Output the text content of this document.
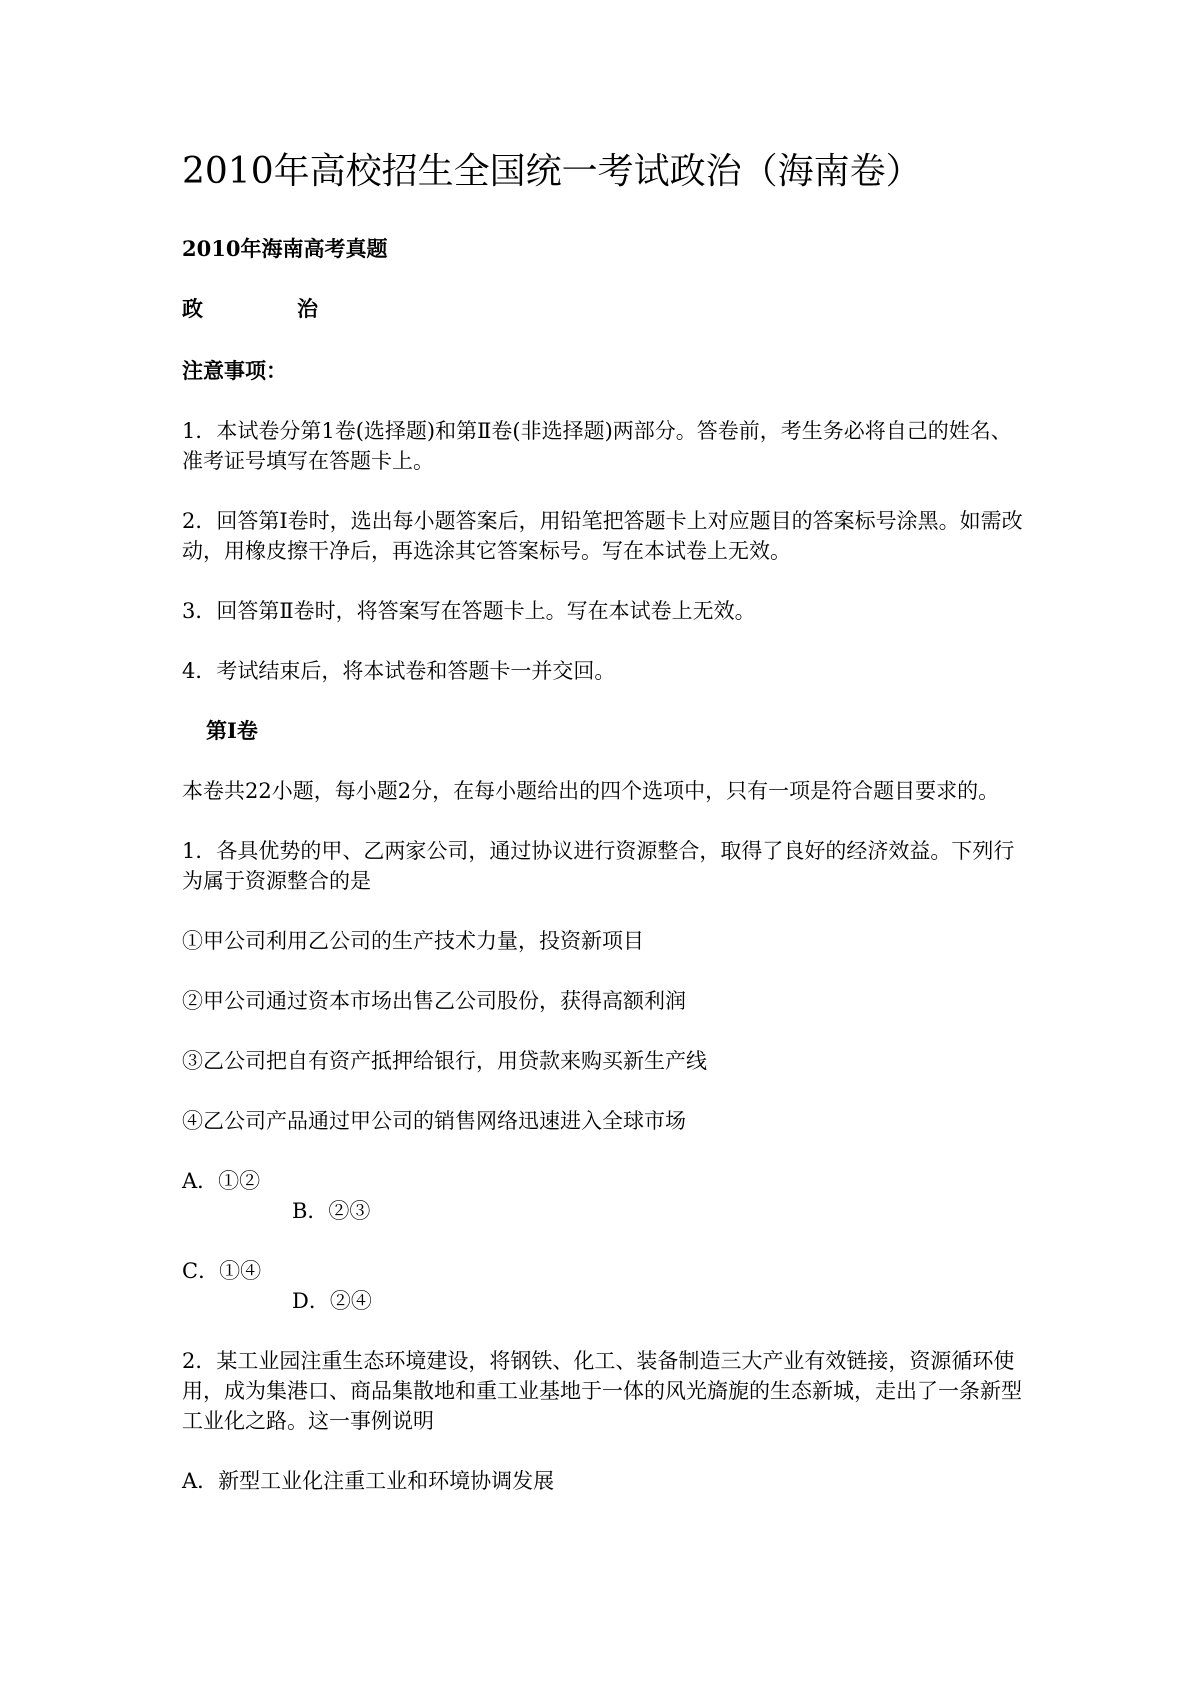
2010年高校招生全国统一考试政治（海南卷）
2010年海南高考真题
政	治
注意事项：

1．本试卷分第1卷(选择题)和第Ⅱ卷(非选择题)两部分。答卷前，考生务必将自己的姓名、准考证号填写在答题卡上。

2．回答第Ⅰ卷时，选出每小题答案后，用铅笔把答题卡上对应题目的答案标号涂黑。如需改动，用橡皮擦干净后，再选涂其它答案标号。写在本试卷上无效。

3．回答第Ⅱ卷时，将答案写在答题卡上。写在本试卷上无效。

4．考试结束后，将本试卷和答题卡一并交回。

第Ⅰ卷

本卷共22小题，每小题2分，在每小题给出的四个选项中，只有一项是符合题目要求的。

1．各具优势的甲、乙两家公司，通过协议进行资源整合，取得了良好的经济效益。下列行为属于资源整合的是

①甲公司利用乙公司的生产技术力量，投资新项目

②甲公司通过资本市场出售乙公司股份，获得高额利润

③乙公司把自有资产抵押给银行，用贷款来购买新生产线

④乙公司产品通过甲公司的销售网络迅速进入全球市场

A．①②

B．②③

C．①④

D．②④

2．某工业园注重生态环境建设，将钢铁、化工、装备制造三大产业有效链接，资源循环使用，成为集港口、商品集散地和重工业基地于一体的风光旖旎的生态新城，走出了一条新型工业化之路。这一事例说明

A．新型工业化注重工业和环境协调发展
